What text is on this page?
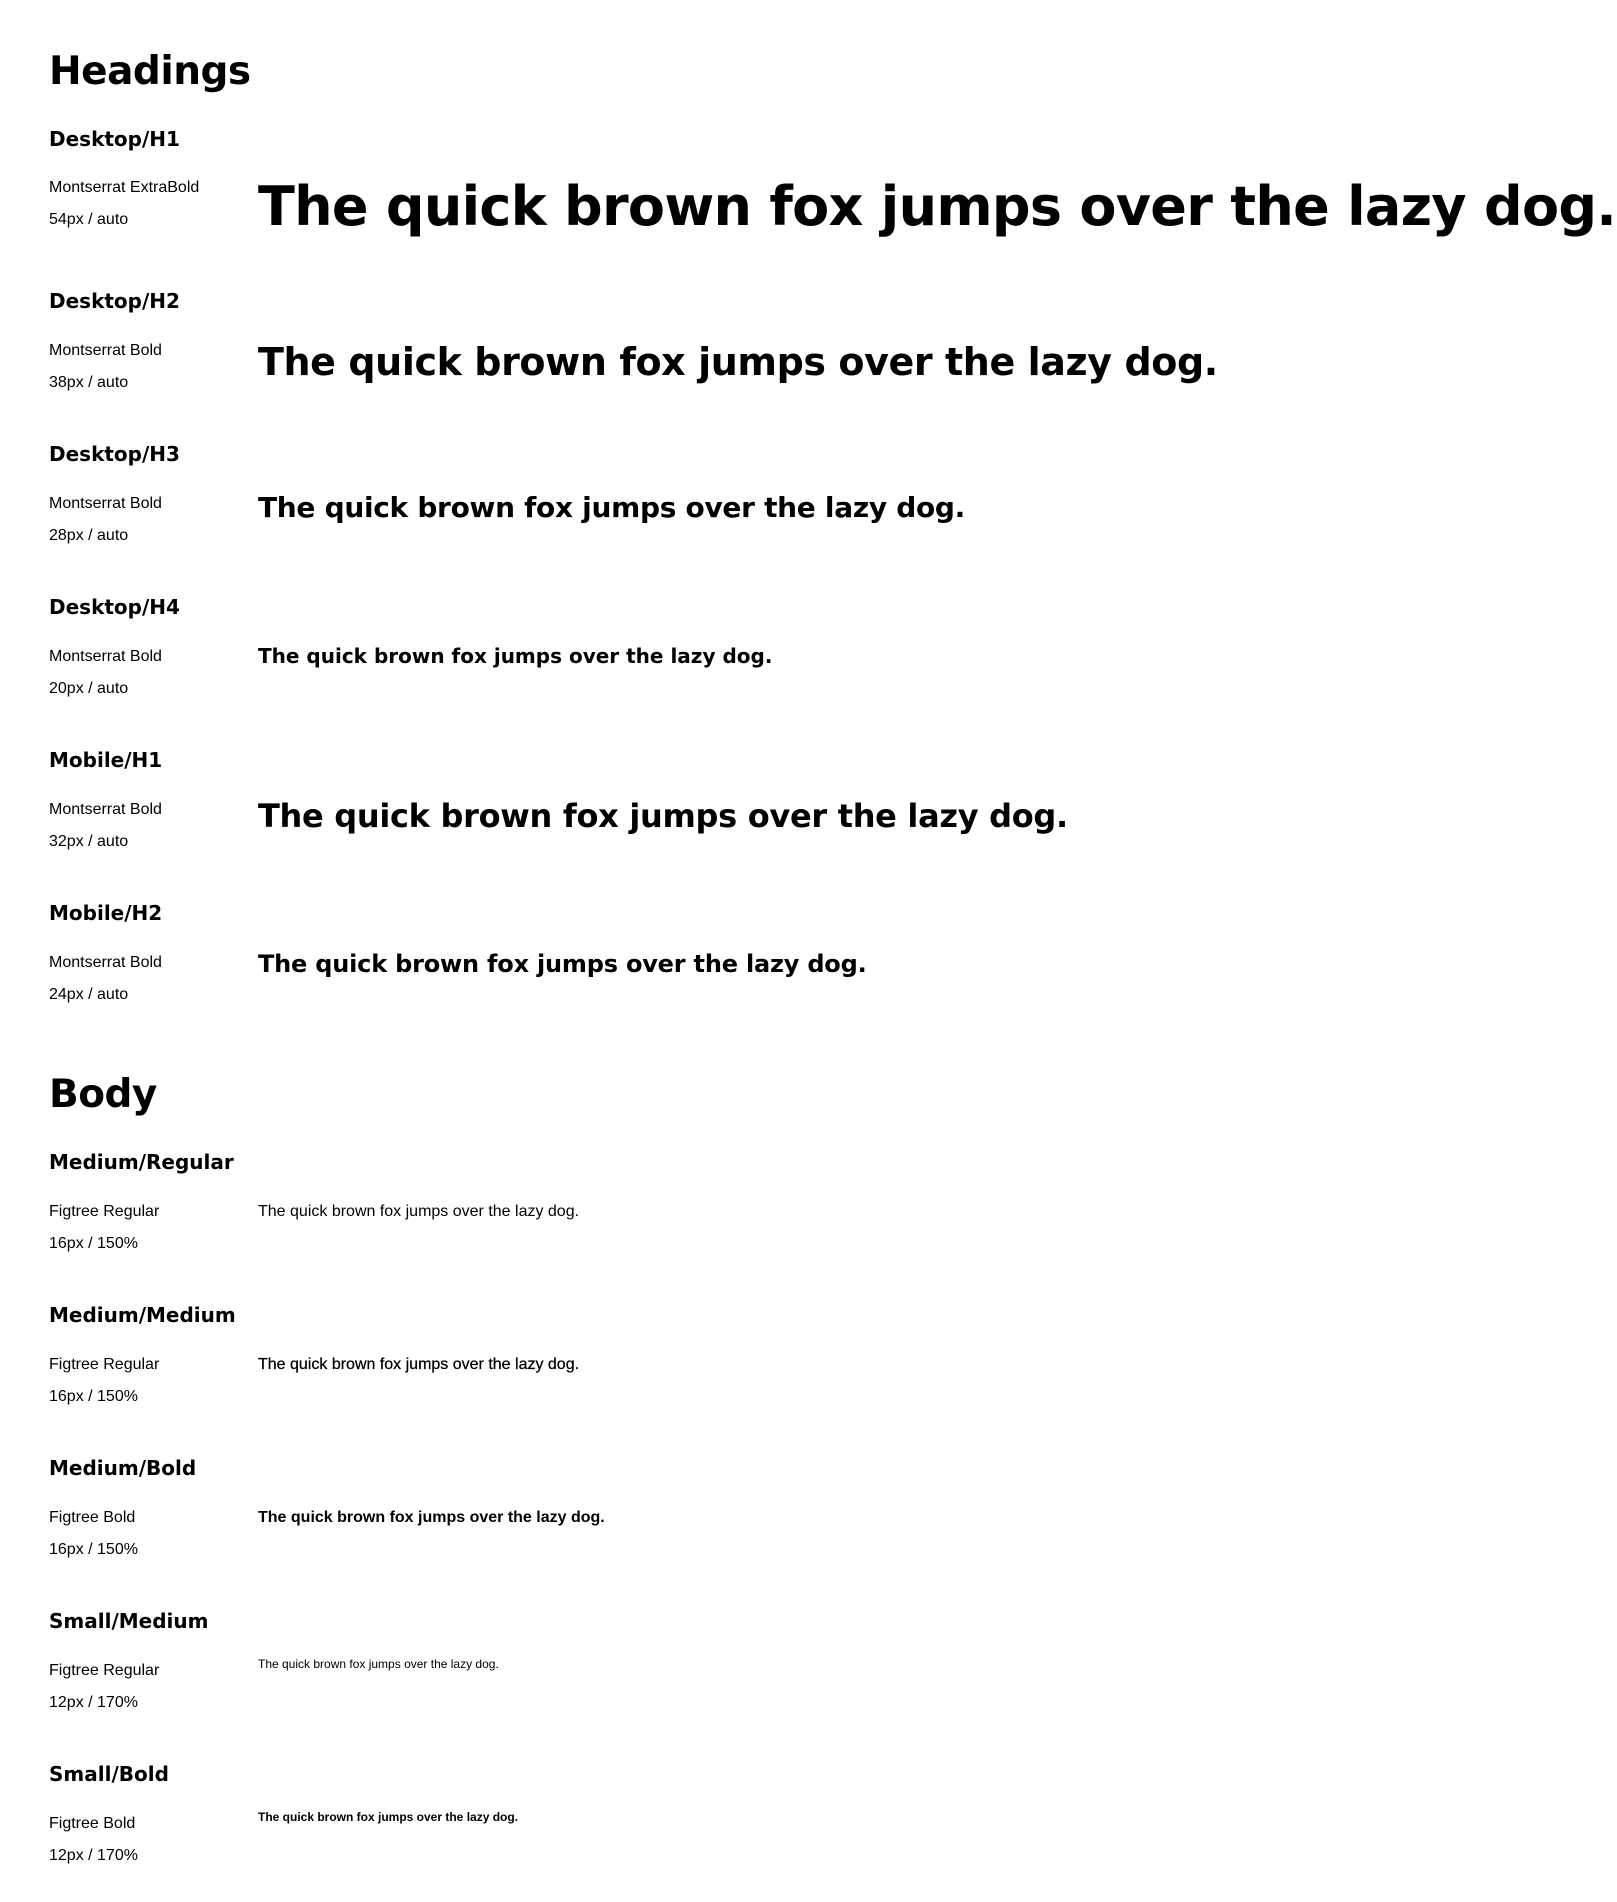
Headings
Desktop/H1
Montserrat ExtraBold
54px / auto The quick brown fox jumps over the lazy dog.
Desktop/H2
Montserrat Bold
38px / auto	The quick brown fox jumps over the lazy dog.
Desktop/H3
Montserrat Bold
28px / auto
The quick brown fox jumps over the lazy dog.
Desktop/H4
Montserrat Bold
20px / auto
The quick brown fox jumps over the lazy dog.
Mobile/H1
Montserrat Bold
32px / auto
The quick brown fox jumps over the lazy dog.
Mobile/H2
Montserrat Bold
24px / auto
The quick brown fox jumps over the lazy dog.
Body
Medium/Regular
Figtree Regular
16px / 150%
The quick brown fox jumps over the lazy dog.
Medium/Medium
Figtree Regular
16px / 150%
The quick brown fox jumps over the lazy dog.
Medium/Bold
Figtree Bold
16px / 150%
The quick brown fox jumps over the lazy dog.
Small/Medium
Figtree Regular
12px / 170%
The quick brown fox jumps over the lazy dog.
Small/Bold
Figtree Bold
12px / 170%
The quick brown fox jumps over the lazy dog.
